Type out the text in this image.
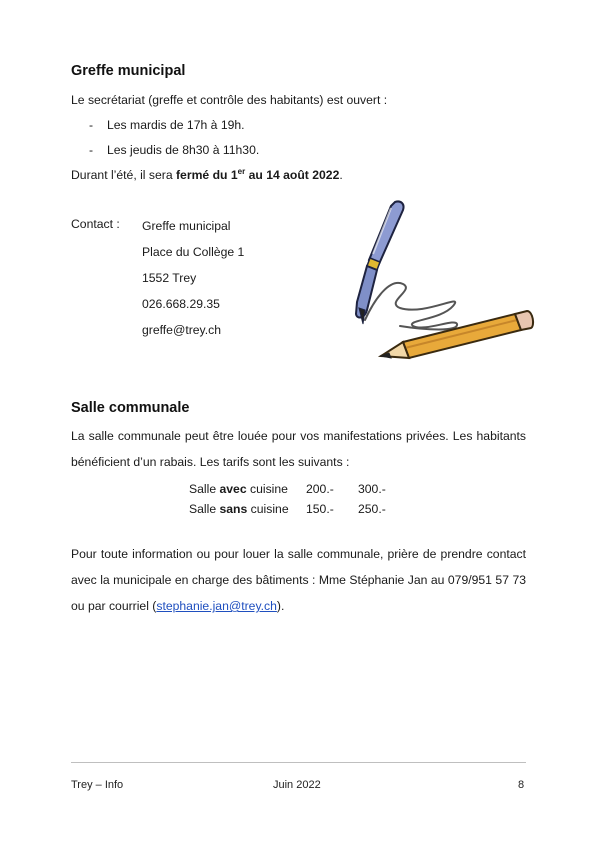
Greffe municipal

Le secrétariat (greffe et contrôle des habitants) est ouvert :

- Les mardis de 17h à 19h.
- Les jeudis de 8h30 à 11h30.

Durant l’été, il sera fermé du 1er au 14 août 2022.

Contact : Greffe municipal
Place du Collège 1
1552 Trey
026.668.29.35
greffe@trey.ch
Salle communale

La salle communale peut être louée pour vos manifestations privées. Les habitants bénéficient d’un rabais. Les tarifs sont les suivants :

Salle avec cuisine	200.-	300.-
Salle sans cuisine	150.-	250.-

Pour toute information ou pour louer la salle communale, prière de prendre contact avec la municipale en charge des bâtiments : Mme Stéphanie Jan au 079/951 57 73 ou par courriel (stephanie.jan@trey.ch).

Trey – Info	Juin 2022	8
